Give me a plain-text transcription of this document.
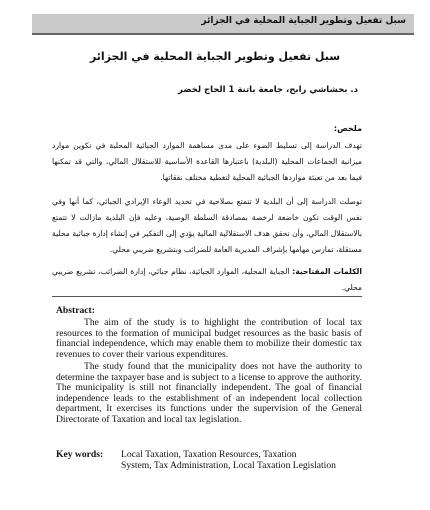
سبل تفعيل وتطوير الجباية المحلية في الجزائر
سبل تفعيل وتطوير الجباية المحلية في الجزائر
د. بحشاشي رابح، جامعة باتنة 1 الحاج لخضر
ملخص:
تهدف الدراسة إلى تسليط الضوء على مدى مساهمة الموارد الجبائية المحلية في تكوين موارد ميزانية الجماعات المحلية (البلدية) باعتبارها القاعدة الأساسية للاستقلال المالي، والتي قد تمكنها فيما بعد من تعبئة مواردها الجبائية المحلية لتغطية مختلف نفقاتها.
توصلت الدراسة إلى أن البلدية لا تتمتع بصلاحية في تحديد الوعاء الإيرادي الجبائي، كما أنها وفي نفس الوقت تكون خاضعة لرخصة بمصادقة السلطة الوصية، وعليه فإن البلدية مازالت لا تتمتع بالاستقلال المالي، وأن تحقق هدف الاستقلالية المالية يؤدي إلى التفكير في إنشاء إدارة جبائية محلية مستقلة، تمارس مهامها بإشراف المديرية العامة للضرائب وبتشريع ضريبي محلي.
الكلمات المفتاحية: الجباية المحلية، الموارد الجبائية، نظام جبائي، إدارة الضرائب، تشريع ضريبي محلي.
Abstract:
The aim of the study is to highlight the contribution of local tax resources to the formation of municipal budget resources as the basic basis of financial independence, which may enable them to mobilize their domestic tax revenues to cover their various expenditures.
The study found that the municipality does not have the authority to determine the taxpayer base and is subject to a license to approve the authority. The municipality is still not financially independent. The goal of financial independence leads to the establishment of an independent local collection department, It exercises its functions under the supervision of the General Directorate of Taxation and local tax legislation.
Key words: Local Taxation, Taxation Resources, Taxation
System, Tax Administration, Local Taxation Legislation
